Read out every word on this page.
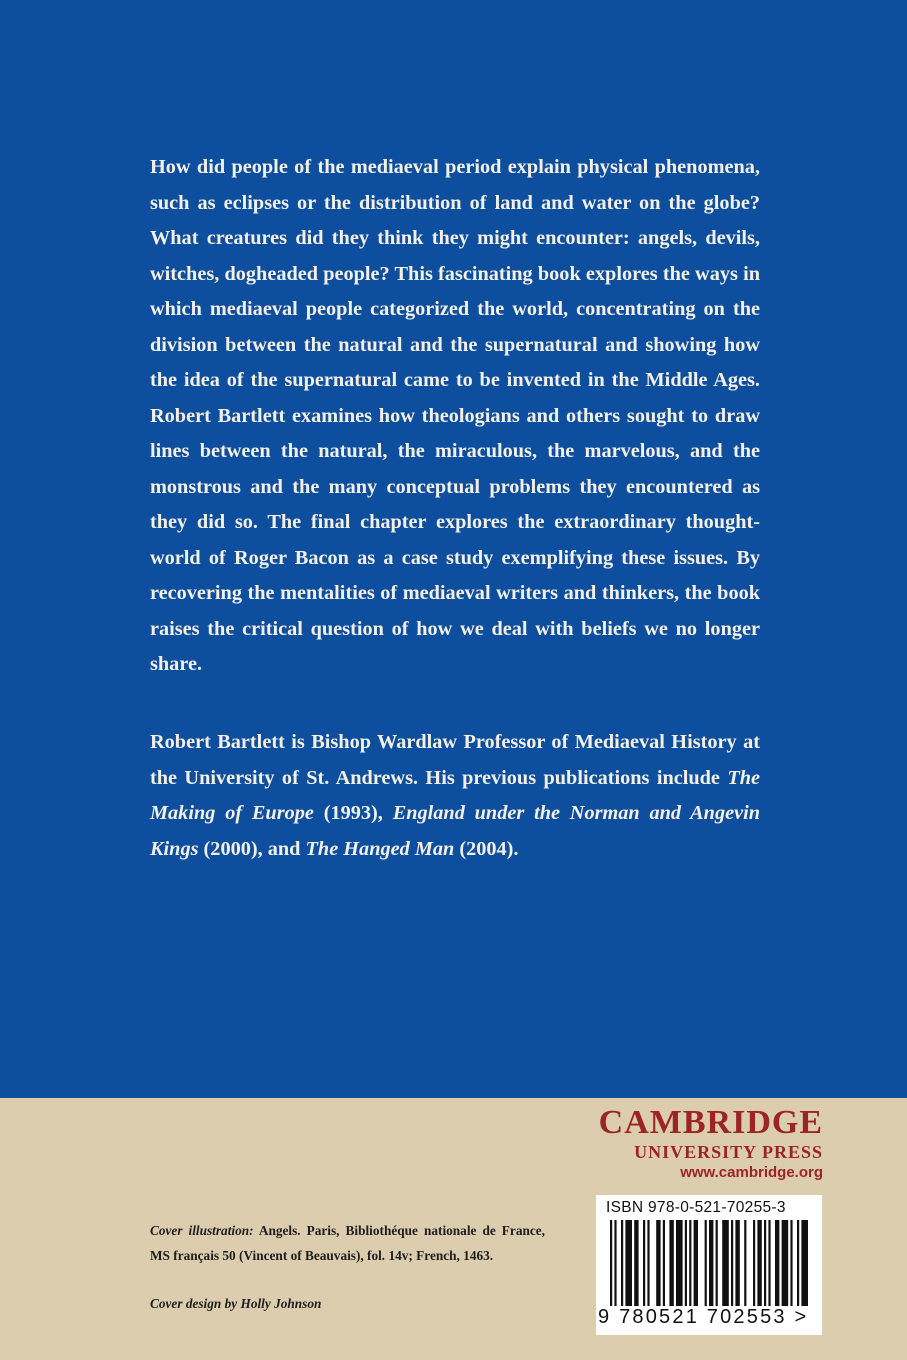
How did people of the mediaeval period explain physical phenomena, such as eclipses or the distribution of land and water on the globe? What creatures did they think they might encounter: angels, devils, witches, dogheaded people? This fascinating book explores the ways in which mediaeval people categorized the world, concentrating on the division between the natural and the supernatural and showing how the idea of the supernatural came to be invented in the Middle Ages. Robert Bartlett examines how theologians and others sought to draw lines between the natural, the miraculous, the marvelous, and the monstrous and the many conceptual problems they encountered as they did so. The final chapter explores the extraordinary thought-world of Roger Bacon as a case study exemplifying these issues. By recovering the mentalities of mediaeval writers and thinkers, the book raises the critical question of how we deal with beliefs we no longer share.

Robert Bartlett is Bishop Wardlaw Professor of Mediaeval History at the University of St. Andrews. His previous publications include The Making of Europe (1993), England under the Norman and Angevin Kings (2000), and The Hanged Man (2004).

CAMBRIDGE
UNIVERSITY PRESS
www.cambridge.org
ISBN 978-0-521-70255-3
9 780521 702553 >

Cover illustration: Angels. Paris, Bibliothéque nationale de France, MS français 50 (Vincent of Beauvais), fol. 14v; French, 1463.

Cover design by Holly Johnson
